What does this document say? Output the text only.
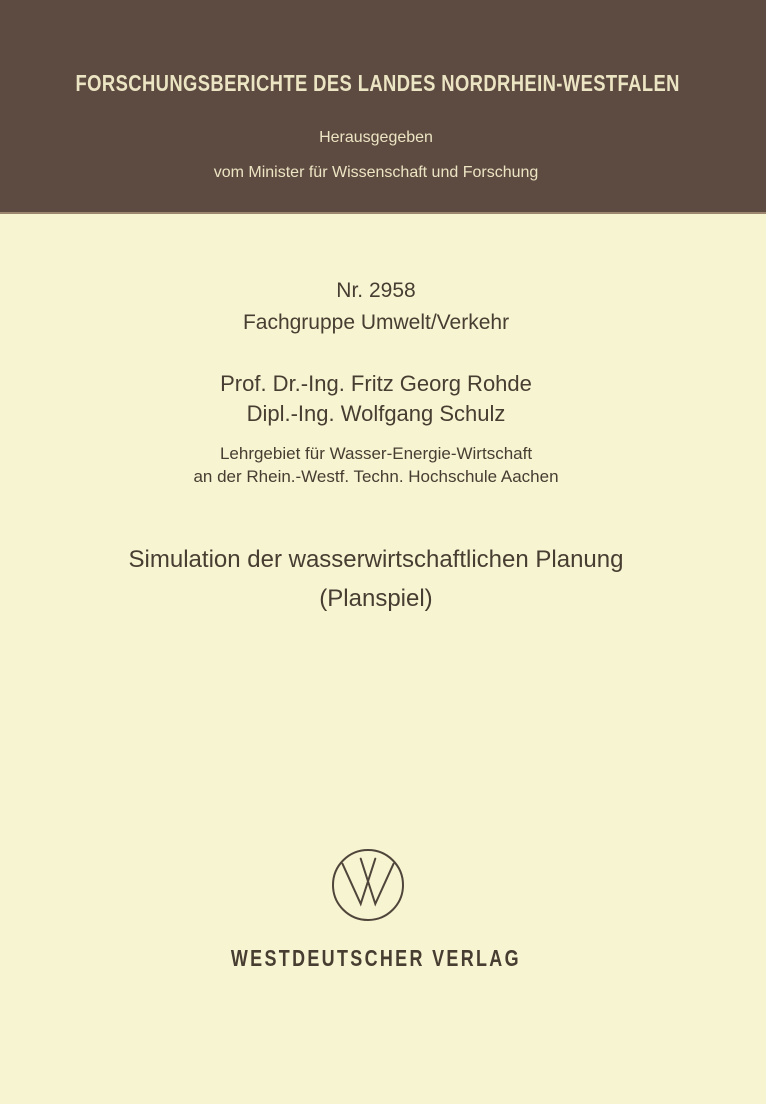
FORSCHUNGSBERICHTE DES LANDES NORDRHEIN-WESTFALEN
Herausgegeben
vom Minister für Wissenschaft und Forschung
Nr. 2958
Fachgruppe Umwelt/Verkehr
Prof. Dr.-Ing. Fritz Georg Rohde
Dipl.-Ing. Wolfgang Schulz
Lehrgebiet für Wasser-Energie-Wirtschaft
an der Rhein.-Westf. Techn. Hochschule Aachen
Simulation der wasserwirtschaftlichen Planung
(Planspiel)
WESTDEUTSCHER VERLAG
